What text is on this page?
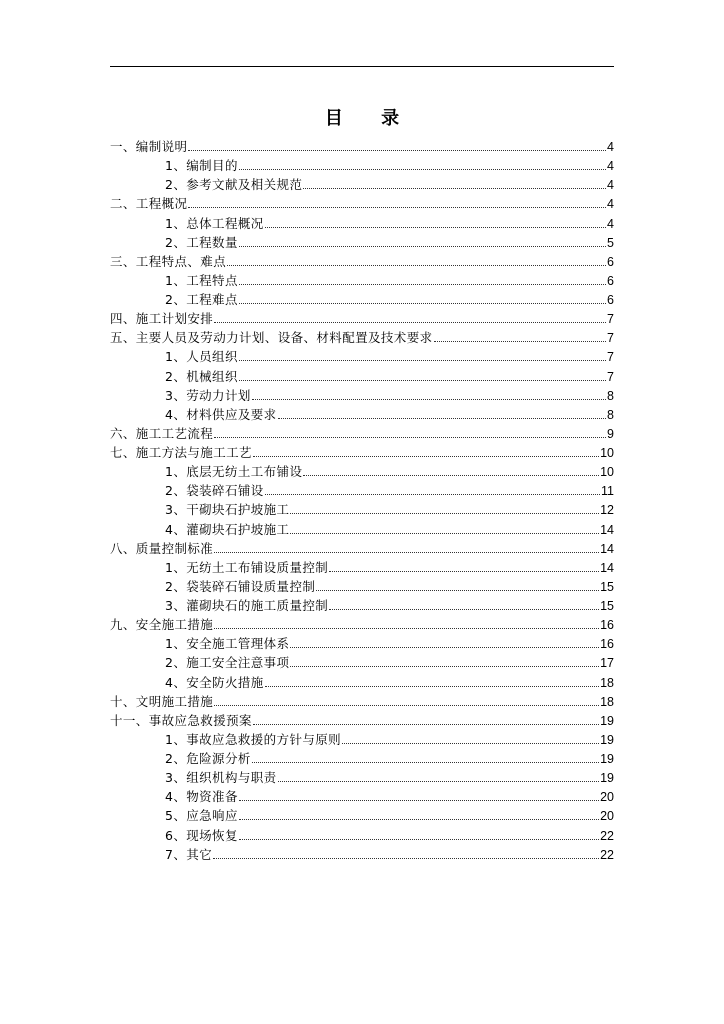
目 录
一、编制说明	4
1、编制目的	4
2、参考文献及相关规范	4
二、工程概况	4
1、总体工程概况	4
2、工程数量	5
三、工程特点、难点	6
1、工程特点	6
2、工程难点	6
四、施工计划安排	7
五、主要人员及劳动力计划、设备、材料配置及技术要求	7
1、人员组织	7
2、机械组织	7
3、劳动力计划	8
4、材料供应及要求	8
六、施工工艺流程	9
七、施工方法与施工工艺	10
1、底层无纺土工布铺设	10
2、袋装碎石铺设	11
3、干砌块石护坡施工	12
4、灌砌块石护坡施工	14
八、质量控制标准	14
1、无纺土工布铺设质量控制	14
2、袋装碎石铺设质量控制	15
3、灌砌块石的施工质量控制	15
九、安全施工措施	16
1、安全施工管理体系	16
2、施工安全注意事项	17
4、安全防火措施	18
十、文明施工措施	18
十一、事故应急救援预案	19
1、事故应急救援的方针与原则	19
2、危险源分析	19
3、组织机构与职责	19
4、物资准备	20
5、应急响应	20
6、现场恢复	22
7、其它	22
